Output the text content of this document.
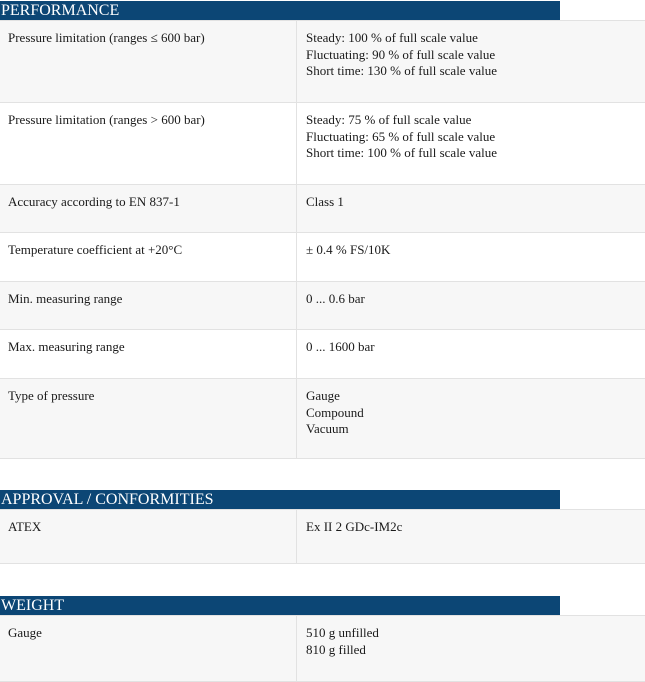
PERFORMANCE
Pressure limitation (ranges ≤ 600 bar)	Steady: 100 % of full scale value
Fluctuating: 90 % of full scale value
Short time: 130 % of full scale value
Pressure limitation (ranges > 600 bar)	Steady: 75 % of full scale value
Fluctuating: 65 % of full scale value
Short time: 100 % of full scale value
Accuracy according to EN 837-1	Class 1
Temperature coefficient at +20°C	± 0.4 % FS/10K
Min. measuring range	0 ... 0.6 bar
Max. measuring range	0 ... 1600 bar
Type of pressure	Gauge
Compound
Vacuum
APPROVAL / CONFORMITIES
ATEX	Ex II 2 GDc-IM2c
WEIGHT
Gauge	510 g unfilled
810 g filled
